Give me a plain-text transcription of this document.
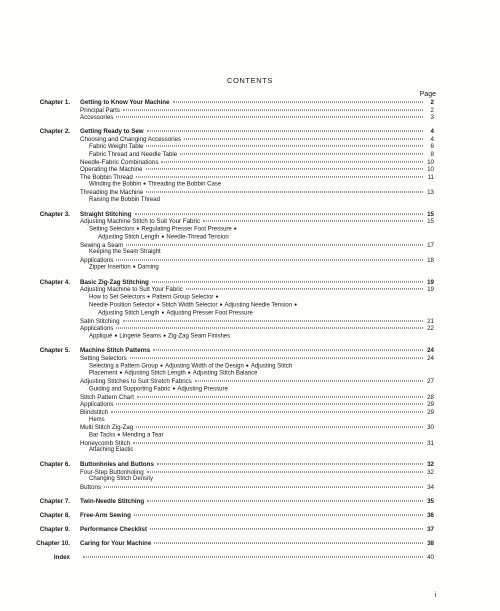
CONTENTS
Page
Chapter 1. Getting to Know Your Machine	2
Principal Parts	2
Accessories	3
Chapter 2. Getting Ready to Sew	4
Choosing and Changing Accessories	4
Fabric Weight Table	6
Fabric Thread and Needle Table	8
Needle-Fabric Combinations	10
Operating the Machine	10
The Bobbin Thread	11
Winding the Bobbin ● Threading the Bobbin Case
Threading the Machine	13
Raising the Bobbin Thread
Chapter 3. Straight Stitching	15
Adjusting Machine Stitch to Suit Your Fabric	15
Setting Selectors ● Regulating Presser Foot Pressure ●
Adjusting Stitch Length ● Needle-Thread Tension
Sewing a Seam	17
Keeping the Seam Straight
Applications	18
Zipper Insertion ● Darning
Chapter 4. Basic Zig-Zag Stitching	19
Adjusting Machine to Suit Your Fabric	19
How to Set Selectors ● Pattern Group Selector ●
Needle Position Selector ● Stitch Width Selector ● Adjusting Needle Tension ●
Adjusting Stitch Length ● Adjusting Presser Foot Pressure
Satin Stitching	21
Applications	22
Appliqué ● Lingerie Seams ● Zig-Zag Seam Finishes
Chapter 5. Machine Stitch Patterns	24
Setting Selectors	24
Selecting a Pattern Group ● Adjusting Width of the Design ● Adjusting Stitch
Placement ● Adjusting Stitch Length ● Adjusting Stitch Balance
Adjusting Stitches to Suit Stretch Fabrics	27
Guiding and Supporting Fabric ● Adjusting Pressure
Stitch Pattern Chart	28
Applications	29
Blindstitch	29
Hems
Multi Stitch Zig-Zag	30
Bar Tacks ● Mending a Tear
Honeycomb Stitch	31
Attaching Elastic
Chapter 6. Buttonholes and Buttons	32
Four-Step Buttonholing	32
Changing Stitch Density
Buttons	34
Chapter 7. Twin-Needle Stitching	35
Chapter 8. Free-Arm Sewing	36
Chapter 9. Performance Checklist	37
Chapter 10. Caring for Your Machine	38
Index	40
i
